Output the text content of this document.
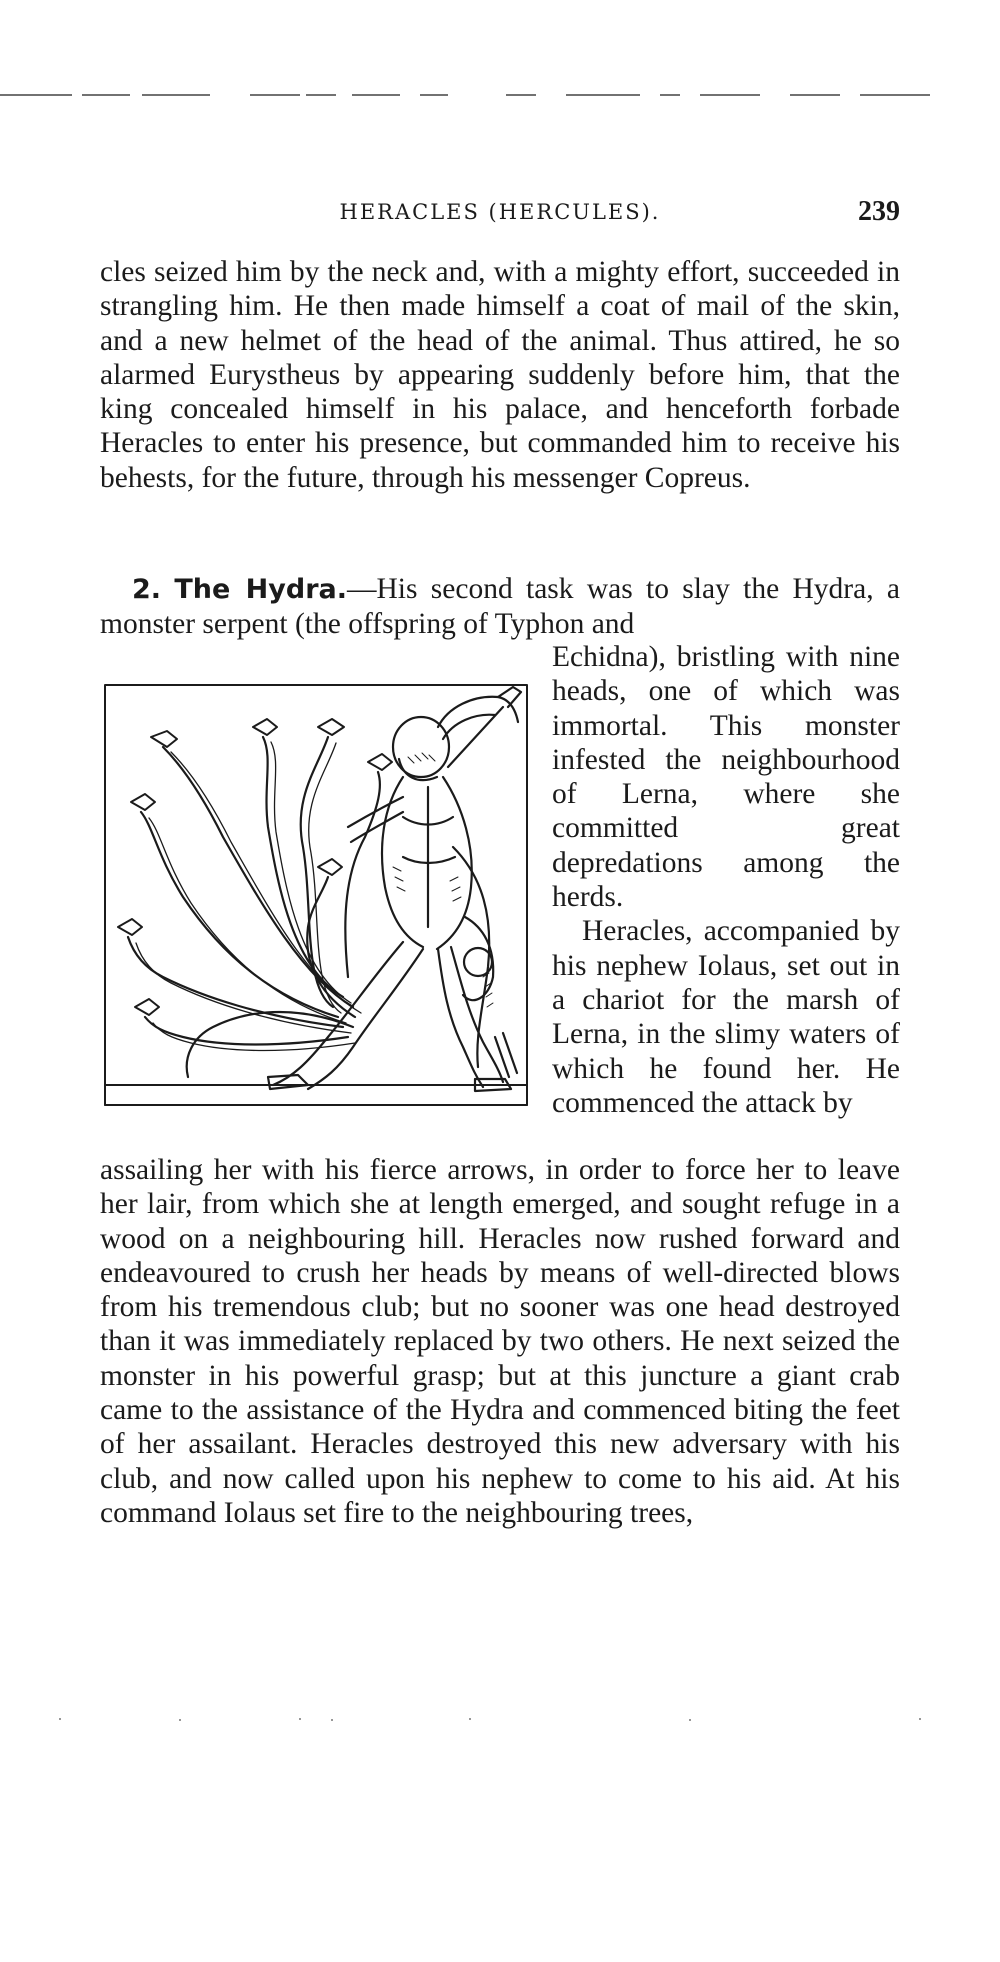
HERACLES (HERCULES).	239

cles seized him by the neck and, with a mighty effort, succeeded in strangling him. He then made himself a coat of mail of the skin, and a new helmet of the head of the animal. Thus attired, he so alarmed Eurystheus by appearing suddenly before him, that the king concealed himself in his palace, and henceforth forbade Heracles to enter his presence, but commanded him to receive his behests, for the future, through his messenger Copreus.

2. The Hydra.—His second task was to slay the Hydra, a monster serpent (the offspring of Typhon and

Echidna), bristling with nine heads, one of which was immortal. This monster infested the neighbourhood of Lerna, where she committed great depredations among the herds.

Heracles, accompanied by his nephew Iolaus, set out in a chariot for the marsh of Lerna, in the slimy waters of which he found her. He commenced the attack by

assailing her with his fierce arrows, in order to force her to leave her lair, from which she at length emerged, and sought refuge in a wood on a neighbouring hill. Heracles now rushed forward and endeavoured to crush her heads by means of well-directed blows from his tremendous club; but no sooner was one head destroyed than it was immediately replaced by two others. He next seized the monster in his powerful grasp; but at this juncture a giant crab came to the assistance of the Hydra and commenced biting the feet of her assailant. Heracles destroyed this new adversary with his club, and now called upon his nephew to come to his aid. At his command Iolaus set fire to the neighbouring trees,
